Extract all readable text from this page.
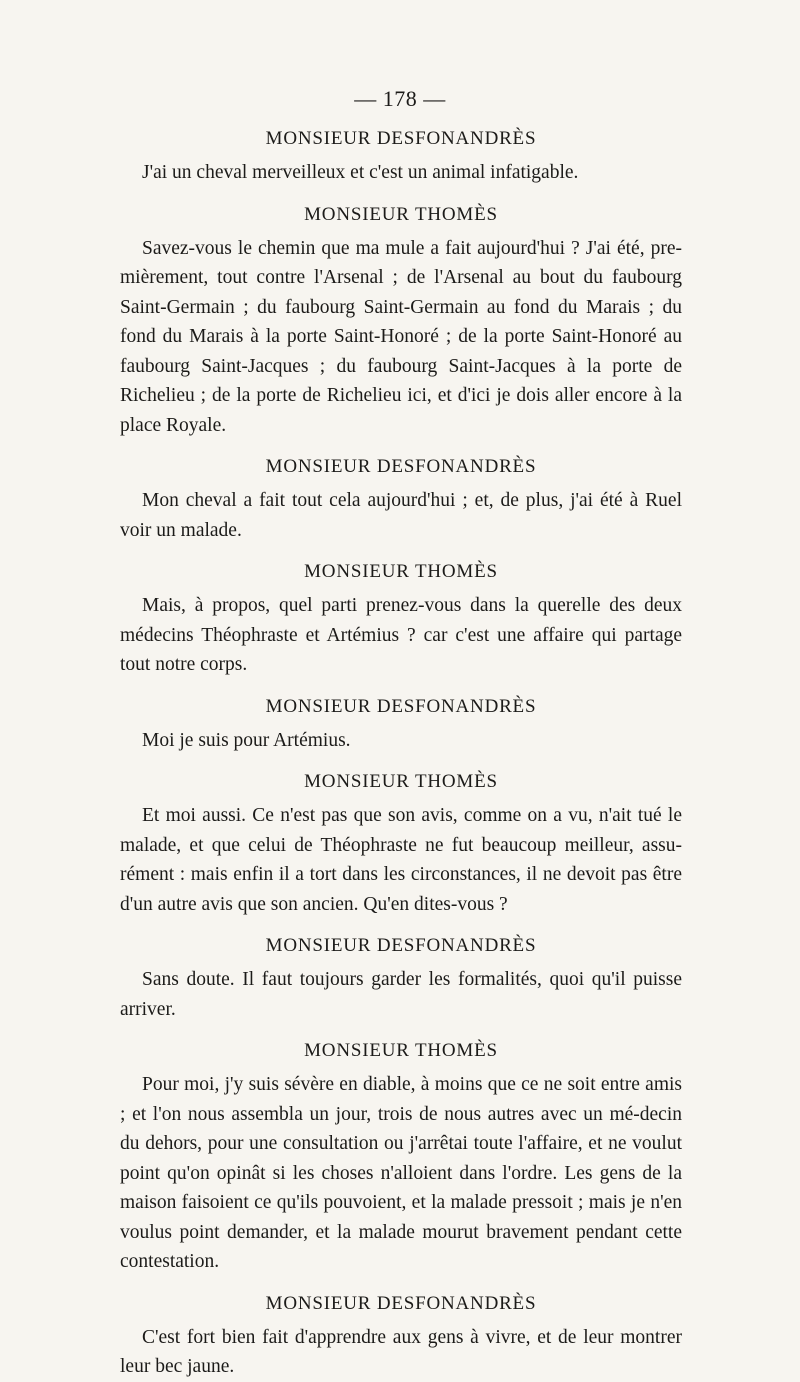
— 178 —
MONSIEUR DESFONANDRÈS

J'ai un cheval merveilleux et c'est un animal infatigable.

MONSIEUR THOMÈS

Savez-vous le chemin que ma mule a fait aujourd'hui ? J'ai été, pre-mièrement, tout contre l'Arsenal ; de l'Arsenal au bout du faubourg Saint-Germain ; du faubourg Saint-Germain au fond du Marais ; du fond du Marais à la porte Saint-Honoré ; de la porte Saint-Honoré au faubourg Saint-Jacques ; du faubourg Saint-Jacques à la porte de Richelieu ; de la porte de Richelieu ici, et d'ici je dois aller encore à la place Royale.

MONSIEUR DESFONANDRÈS

Mon cheval a fait tout cela aujourd'hui ; et, de plus, j'ai été à Ruel voir un malade.

MONSIEUR THOMÈS

Mais, à propos, quel parti prenez-vous dans la querelle des deux médecins Théophraste et Artémius ? car c'est une affaire qui partage tout notre corps.

MONSIEUR DESFONANDRÈS

Moi je suis pour Artémius.

MONSIEUR THOMÈS

Et moi aussi. Ce n'est pas que son avis, comme on a vu, n'ait tué le malade, et que celui de Théophraste ne fut beaucoup meilleur, assu-rément : mais enfin il a tort dans les circonstances, il ne devoit pas être d'un autre avis que son ancien. Qu'en dites-vous ?

MONSIEUR DESFONANDRÈS

Sans doute. Il faut toujours garder les formalités, quoi qu'il puisse arriver.

MONSIEUR THOMÈS

Pour moi, j'y suis sévère en diable, à moins que ce ne soit entre amis ; et l'on nous assembla un jour, trois de nous autres avec un mé-decin du dehors, pour une consultation ou j'arrêtai toute l'affaire, et ne voulut point qu'on opinât si les choses n'alloient dans l'ordre. Les gens de la maison faisoient ce qu'ils pouvoient, et la malade pressoit ; mais je n'en voulus point demander, et la malade mourut bravement pendant cette contestation.

MONSIEUR DESFONANDRÈS

C'est fort bien fait d'apprendre aux gens à vivre, et de leur montrer leur bec jaune.
